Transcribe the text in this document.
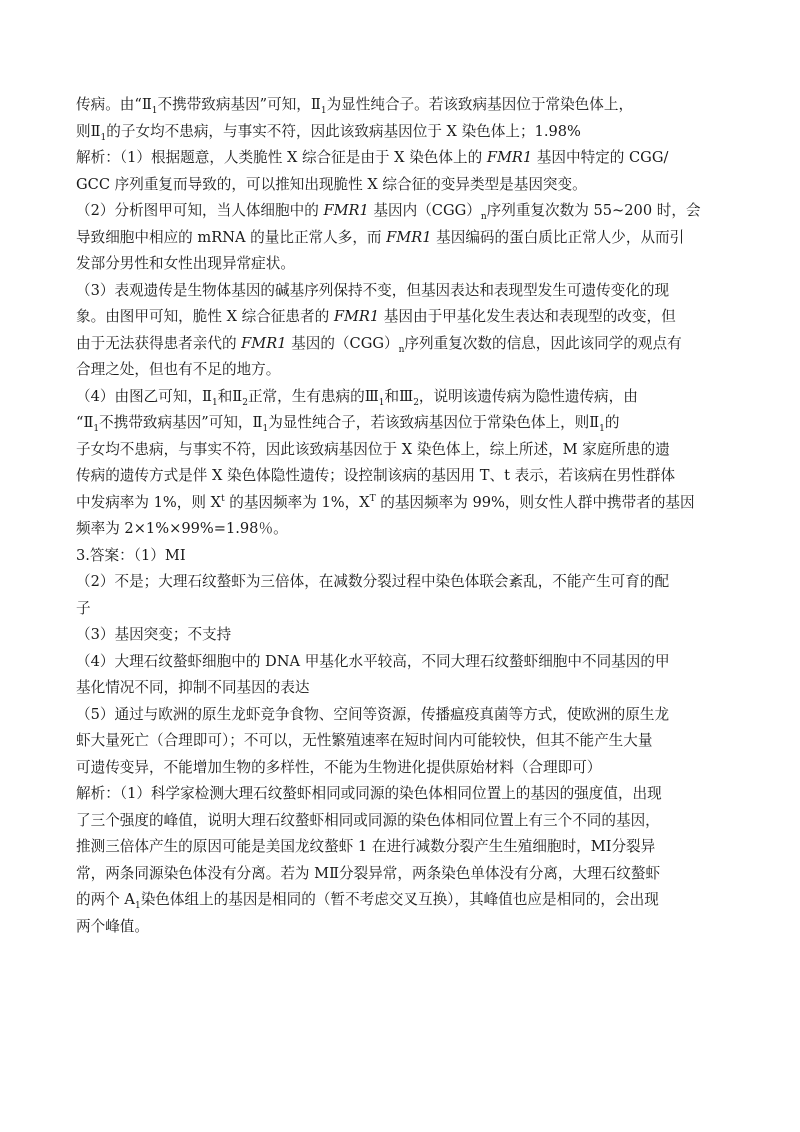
传病。由“$Ⅱ_1$不携带致病基因”可知，$Ⅱ_1$为显性纯合子。若该致病基因位于常染色体上，
则$Ⅱ_1$的子女均不患病，与事实不符，因此该致病基因位于 X 染色体上；1.98%
解析：（1）根据题意，人类脆性 X 综合征是由于 X 染色体上的 FMR1 基因中特定的 CGG/
GCC 序列重复而导致的，可以推知出现脆性 X 综合征的变异类型是基因突变。
（2）分析图甲可知，当人体细胞中的 FMR1 基因内$(CGG)_n$序列重复次数为 55~200 时，会
导致细胞中相应的 mRNA 的量比正常人多，而 FMR1 基因编码的蛋白质比正常人少，从而引
发部分男性和女性出现异常症状。
（3）表观遗传是生物体基因的碱基序列保持不变，但基因表达和表现型发生可遗传变化的现
象。由图甲可知，脆性 X 综合征患者的 FMR1 基因由于甲基化发生表达和表现型的改变，但
由于无法获得患者亲代的 FMR1 基因的$(CGG)_n$序列重复次数的信息，因此该同学的观点有
合理之处，但也有不足的地方。
（4）由图乙可知，$Ⅱ_1$和$Ⅱ_2$正常，生有患病的$Ⅲ_1$和$Ⅲ_2$，说明该遗传病为隐性遗传病，由
“$Ⅱ_1$不携带致病基因”可知，$Ⅱ_1$为显性纯合子，若该致病基因位于常染色体上，则$Ⅱ_1$的
子女均不患病，与事实不符，因此该致病基因位于 X 染色体上，综上所述，M 家庭所患的遗
传病的遗传方式是伴 X 染色体隐性遗传；设控制该病的基因用 T、t 表示，若该病在男性群体
中发病率为 1%，则 $X^t$ 的基因频率为 1%，$X^T$ 的基因频率为 99%，则女性人群中携带者的基因
频率为 2×1%×99%=1.98％。
3.答案：（1）MⅠ
（2）不是；大理石纹螯虾为三倍体，在减数分裂过程中染色体联会紊乱，不能产生可育的配
子
（3）基因突变；不支持
（4）大理石纹螯虾细胞中的 DNA 甲基化水平较高，不同大理石纹螯虾细胞中不同基因的甲
基化情况不同，抑制不同基因的表达
（5）通过与欧洲的原生龙虾竞争食物、空间等资源，传播瘟疫真菌等方式，使欧洲的原生龙
虾大量死亡（合理即可）；不可以，无性繁殖速率在短时间内可能较快，但其不能产生大量
可遗传变异，不能增加生物的多样性，不能为生物进化提供原始材料（合理即可）
解析：（1）科学家检测大理石纹螯虾相同或同源的染色体相同位置上的基因的强度值，出现
了三个强度的峰值，说明大理石纹螯虾相同或同源的染色体相同位置上有三个不同的基因，
推测三倍体产生的原因可能是美国龙纹螯虾 1 在进行减数分裂产生生殖细胞时，MⅠ分裂异
常，两条同源染色体没有分离。若为 MⅡ分裂异常，两条染色单体没有分离，大理石纹螯虾
的两个 $A_1$染色体组上的基因是相同的（暂不考虑交叉互换），其峰值也应是相同的，会出现
两个峰值。
